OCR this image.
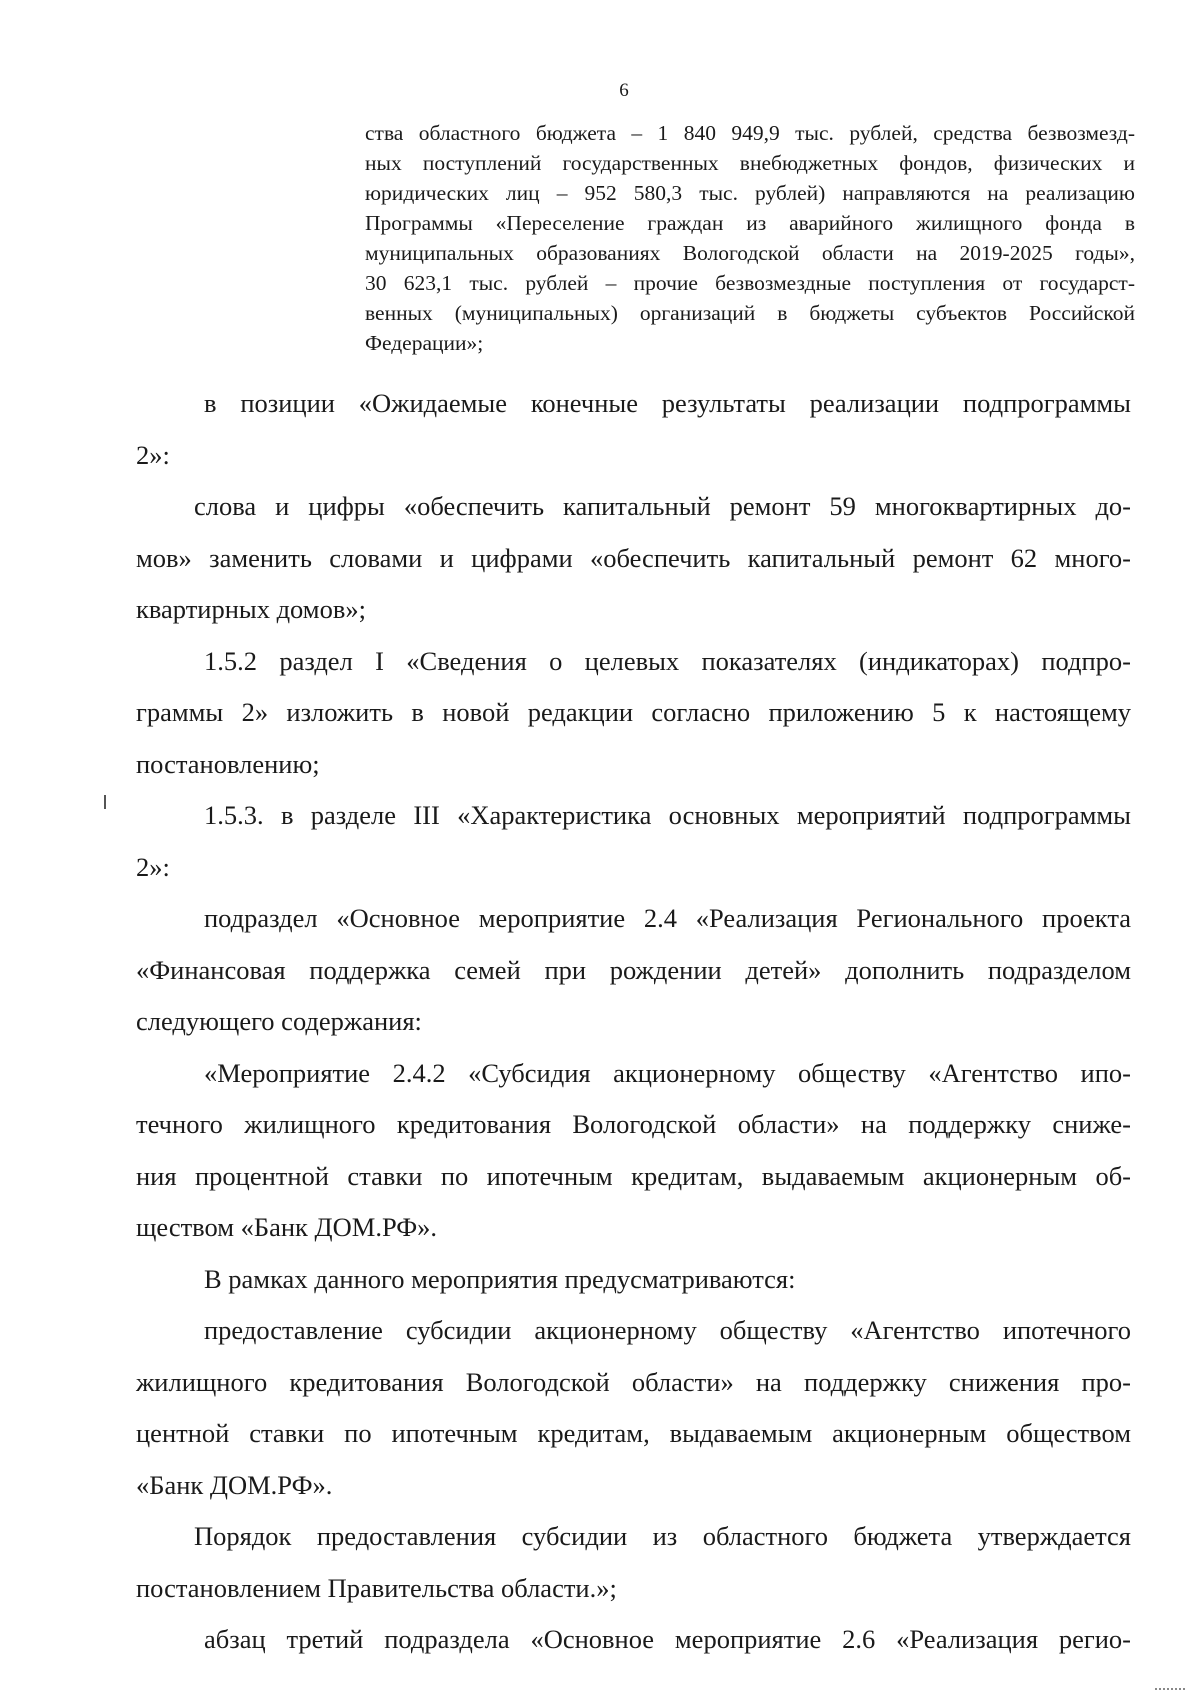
6
ства областного бюджета – 1 840 949,9 тыс. рублей, средства безвозмезд-
ных поступлений государственных внебюджетных фондов, физических и
юридических лиц – 952 580,3 тыс. рублей) направляются на реализацию
Программы «Переселение граждан из аварийного жилищного фонда в
муниципальных образованиях Вологодской области на 2019-2025 годы»,
30 623,1 тыс. рублей – прочие безвозмездные поступления от государст-
венных (муниципальных) организаций в бюджеты субъектов Российской
Федерации»;
в позиции «Ожидаемые конечные результаты реализации подпрограммы
2»:
слова и цифры «обеспечить капитальный ремонт 59 многоквартирных до-
мов» заменить словами и цифрами «обеспечить капитальный ремонт 62 много-
квартирных домов»;
1.5.2 раздел I «Сведения о целевых показателях (индикаторах) подпро-
граммы 2» изложить в новой редакции согласно приложению 5 к настоящему
постановлению;
1.5.3. в разделе III «Характеристика основных мероприятий подпрограммы
2»:
подраздел «Основное мероприятие 2.4 «Реализация Регионального проекта
«Финансовая поддержка семей при рождении детей» дополнить подразделом
следующего содержания:
«Мероприятие 2.4.2 «Субсидия акционерному обществу «Агентство ипо-
течного жилищного кредитования Вологодской области» на поддержку сниже-
ния процентной ставки по ипотечным кредитам, выдаваемым акционерным об-
ществом «Банк ДОМ.РФ».
В рамках данного мероприятия предусматриваются:
предоставление субсидии акционерному обществу «Агентство ипотечного
жилищного кредитования Вологодской области» на поддержку снижения про-
центной ставки по ипотечным кредитам, выдаваемым акционерным обществом
«Банк ДОМ.РФ».
Порядок предоставления субсидии из областного бюджета утверждается
постановлением Правительства области.»;
абзац третий подраздела «Основное мероприятие 2.6 «Реализация регио-
